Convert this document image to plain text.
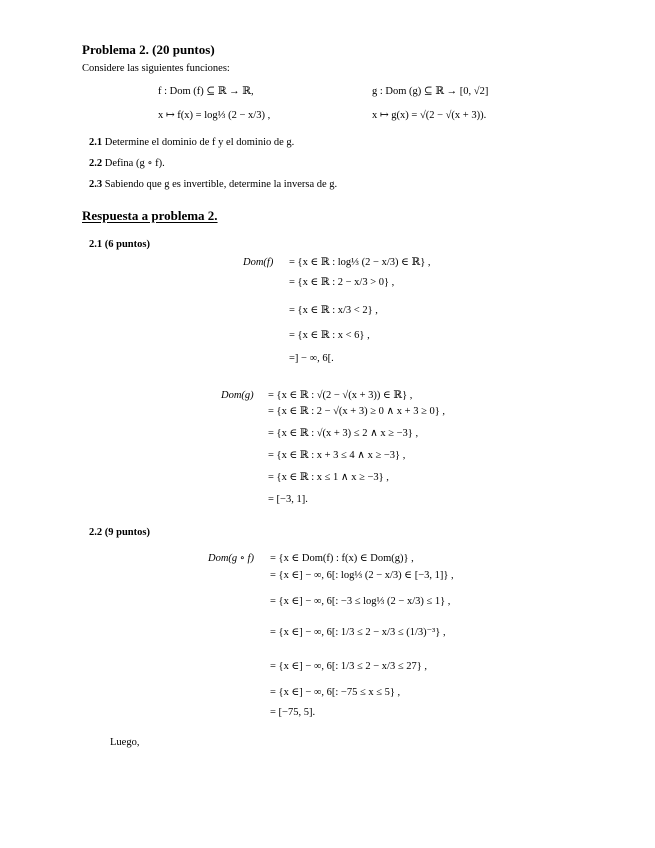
Problema 2. (20 puntos)
Considere las siguientes funciones:
f : Dom (f) ⊆ ℝ → ℝ,
x ↦ f(x) = log⅓ (2 − x/3) ,
g : Dom (g) ⊆ ℝ → [0, √2]
x ↦ g(x) = √(2 − √(x + 3)).
2.1 Determine el dominio de f y el dominio de g.
2.2 Defina (g ∘ f).
2.3 Sabiendo que g es invertible, determine la inversa de g.
Respuesta a problema 2.
2.1 (6 puntos)
Dom(f) = {x ∈ ℝ : log⅓ (2 − x/3) ∈ ℝ} ,
= {x ∈ ℝ : 2 − x/3 > 0} ,
= {x ∈ ℝ : x/3 < 2} ,
= {x ∈ ℝ : x < 6} ,
=] − ∞, 6[.
Dom(g) = {x ∈ ℝ : √(2 − √(x + 3)) ∈ ℝ} ,
= {x ∈ ℝ : 2 − √(x + 3) ≥ 0 ∧ x + 3 ≥ 0} ,
= {x ∈ ℝ : √(x + 3) ≤ 2 ∧ x ≥ −3} ,
= {x ∈ ℝ : x + 3 ≤ 4 ∧ x ≥ −3} ,
= {x ∈ ℝ : x ≤ 1 ∧ x ≥ −3} ,
= [−3, 1].
2.2 (9 puntos)
Dom(g ∘ f) = {x ∈ Dom(f) : f(x) ∈ Dom(g)} ,
= {x ∈] − ∞, 6[: log⅓ (2 − x/3) ∈ [−3, 1]} ,
= {x ∈] − ∞, 6[: −3 ≤ log⅓ (2 − x/3) ≤ 1} ,
= {x ∈] − ∞, 6[: 1/3 ≤ 2 − x/3 ≤ (1/3)⁻³} ,
= {x ∈] − ∞, 6[: 1/3 ≤ 2 − x/3 ≤ 27} ,
= {x ∈] − ∞, 6[: −75 ≤ x ≤ 5} ,
= [−75, 5].
Luego,
